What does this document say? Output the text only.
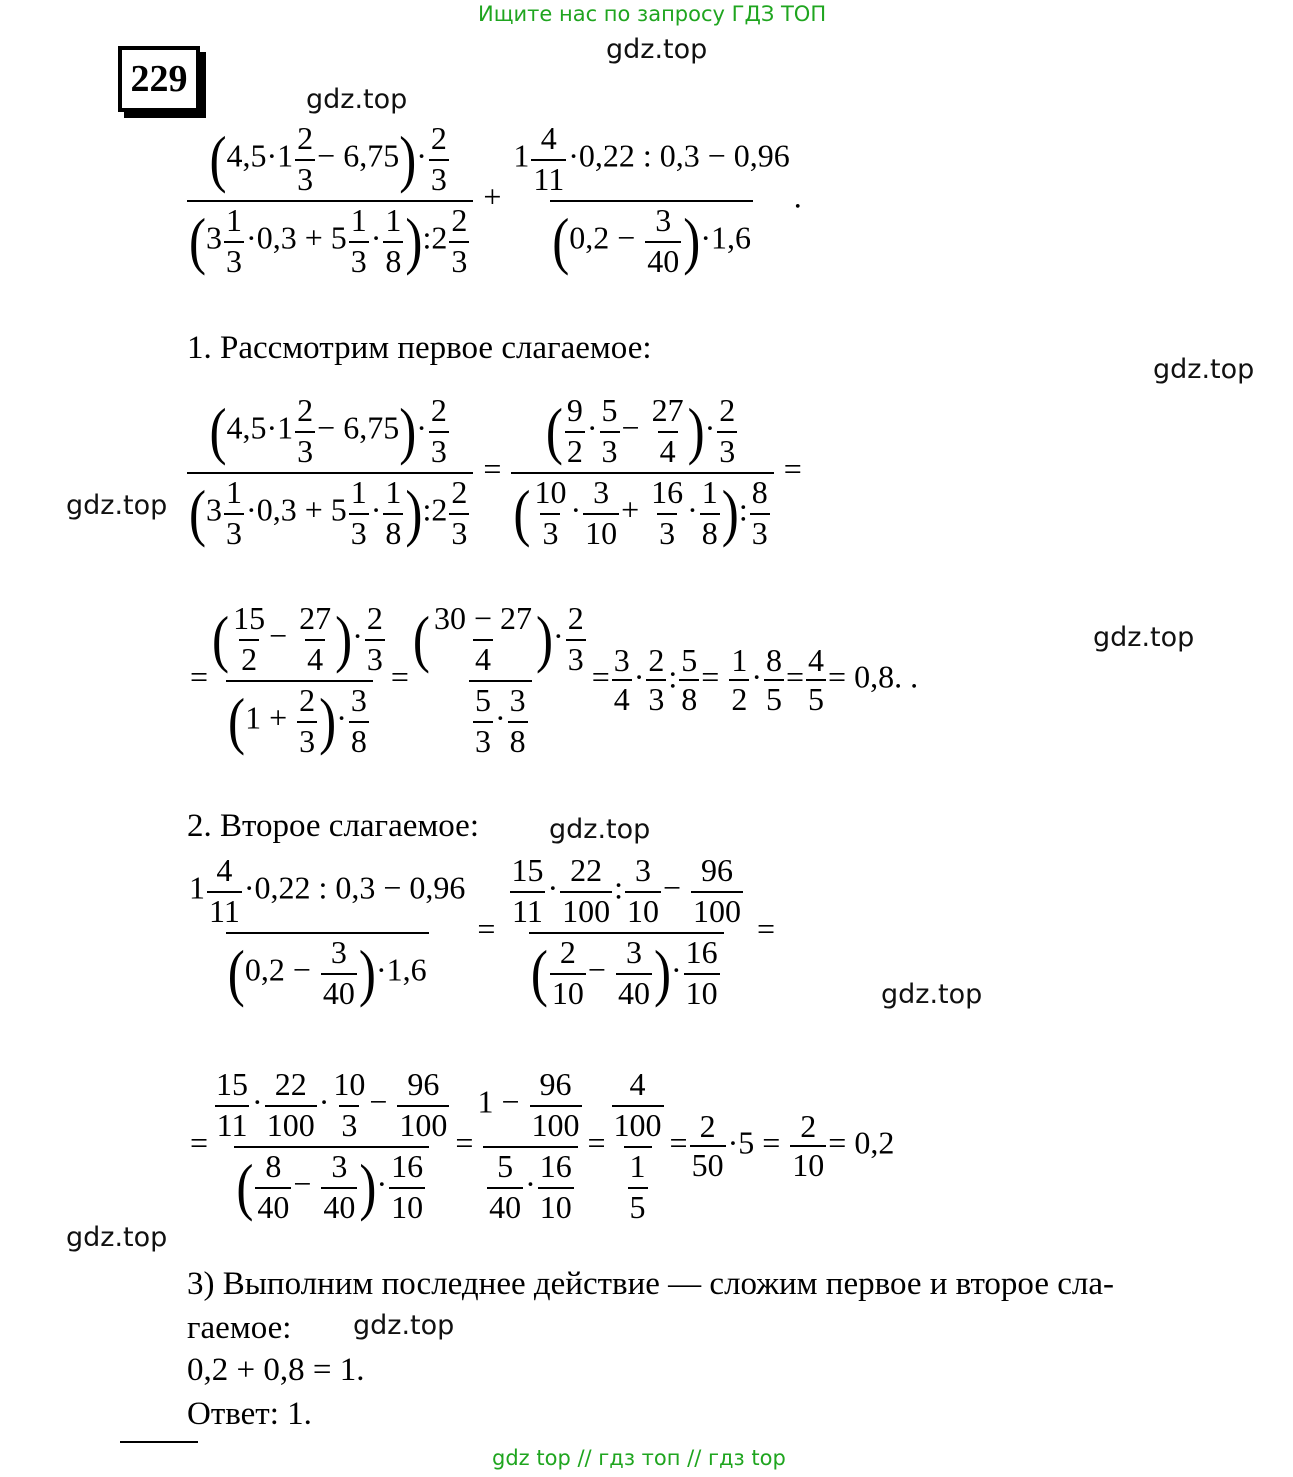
Ищите нас по запросу ГДЗ ТОП
229
gdz.top
gdz.top
gdz.top
gdz.top
gdz.top
gdz.top
gdz.top
gdz.top
gdz.top
$\frac{(4,5\cdot 1 \frac{2}{3} - 6,75)\cdot \frac{2}{3}}{(3 \frac{1}{3} \cdot 0,3 + 5 \frac{1}{3} \cdot \frac{1}{8} ):2 \frac{2}{3}} + \frac{1 \frac{4}{11} \cdot 0,22 : 0,3 - 0,96}{(0,2 - \frac{3}{40} )\cdot 1,6}$ .
1. Рассмотрим первое слагаемое:
$\frac{(4,5\cdot 1 \frac{2}{3} - 6,75)\cdot \frac{2}{3}}{(3 \frac{1}{3} \cdot 0,3 + 5 \frac{1}{3} \cdot \frac{1}{8} ):2 \frac{2}{3}} = \frac{( \frac{9}{2} \cdot \frac{5}{3} - \frac{27}{4} )\cdot \frac{2}{3}}{( \frac{10}{3} \cdot \frac{3}{10} + \frac{16}{3} \cdot \frac{1}{8} ): \frac{8}{3}}$ =
= $\frac{( \frac{15}{2} - \frac{27}{4} )\cdot \frac{2}{3}}{(1 + \frac{2}{3} )\cdot \frac{3}{8}} = \frac{( \frac{30 - 27}{4} )\cdot \frac{2}{3}}{\frac{5}{3} \cdot \frac{3}{8}} = \frac{3}{4} \cdot \frac{2}{3}$ : $\frac{5}{8} = \frac{1}{2} \cdot \frac{8}{5} = \frac{4}{5} = 0,8$. .
2. Второе слагаемое:
$\frac{1 \frac{4}{11} \cdot 0,22 : 0,3 - 0,96}{(0,2 - \frac{3}{40} )\cdot 1,6} = \frac{\frac{15}{11} \cdot \frac{22}{100} : \frac{3}{10} - \frac{96}{100}}{( \frac{2}{10} - \frac{3}{40} )\cdot \frac{16}{10}}$ =
= $\frac{\frac{15}{11} \cdot \frac{22}{100} \cdot \frac{10}{3} - \frac{96}{100}}{( \frac{8}{40} - \frac{3}{40} )\cdot \frac{16}{10}} = \frac{1 - \frac{96}{100}}{\frac{5}{40} \cdot \frac{16}{10}} = \frac{\frac{4}{100}}{\frac{1}{5}} = \frac{2}{50} \cdot 5 = \frac{2}{10} = 0,2$
3) Выполним последнее действие — сложим первое и второе сла-
гаемое:
0,2 + 0,8 = 1.
Ответ: 1.
gdz top // гдз топ // гдз top
